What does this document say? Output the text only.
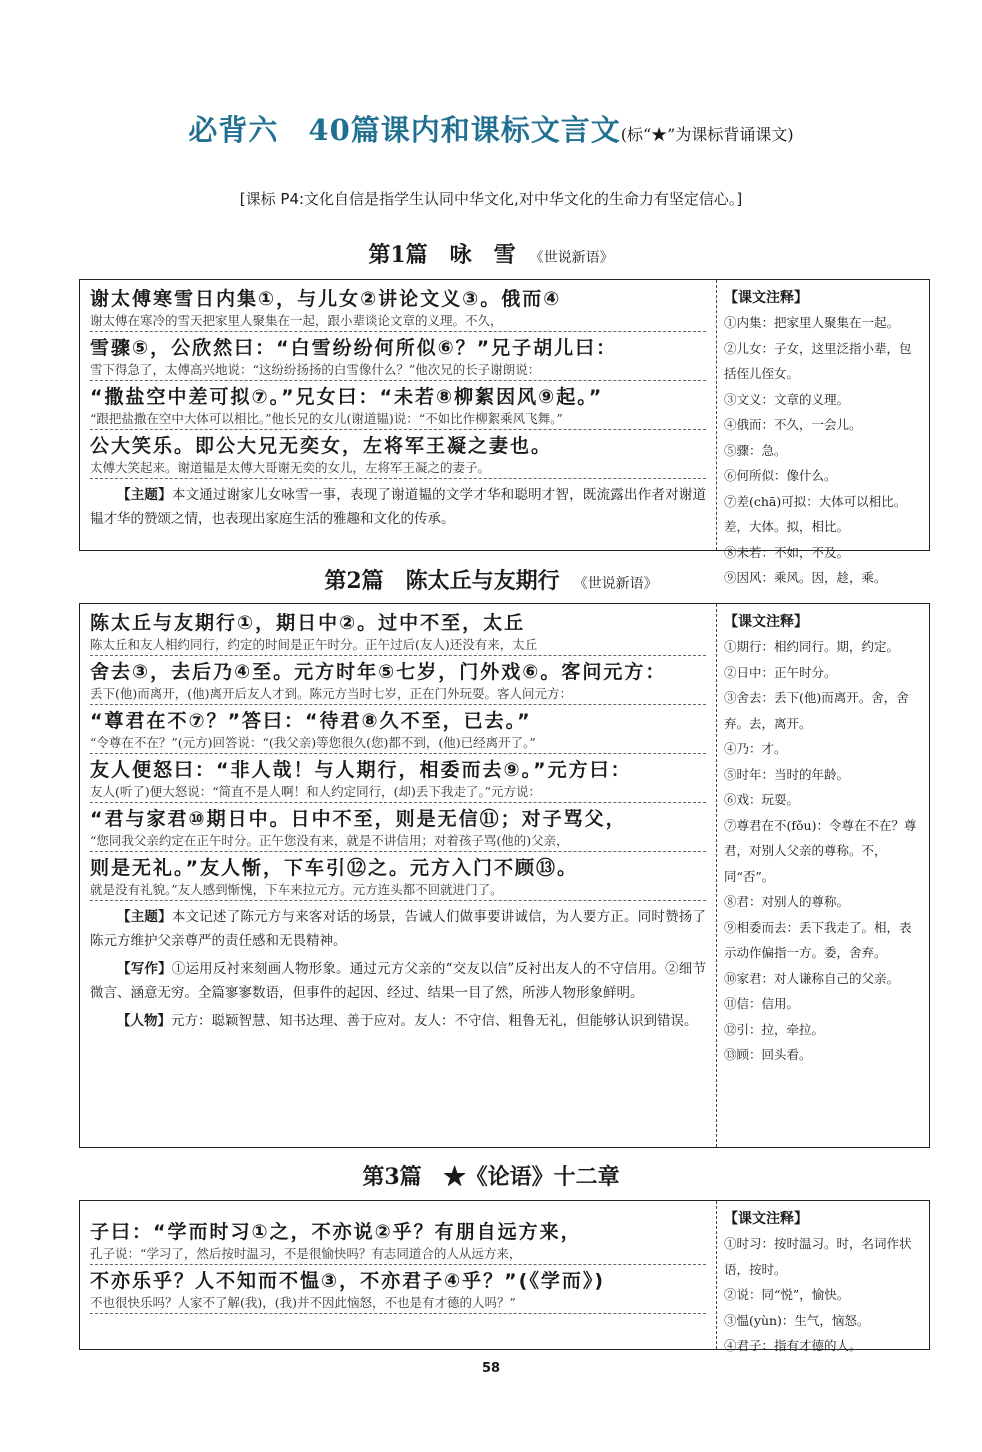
必背六　40篇课内和课标文言文(标“★”为课标背诵课文)
[课标 P4:文化自信是指学生认同中华文化,对中华文化的生命力有坚定信心。]
第1篇　咏　雪 《世说新语》
谢太傅寒雪日内集①，与儿女②讲论文义③。俄而④
谢太傅在寒冷的雪天把家里人聚集在一起，跟小辈谈论文章的义理。不久，
雪骤⑤，公欣然曰：“白雪纷纷何所似⑥？”兄子胡儿曰：
雪下得急了，太傅高兴地说：“这纷纷扬扬的白雪像什么？”他次兄的长子谢朗说：
“撒盐空中差可拟⑦。”兄女曰：“未若⑧柳絮因风⑨起。”
“跟把盐撒在空中大体可以相比。”他长兄的女儿(谢道韫)说：“不如比作柳絮乘风飞舞。”
公大笑乐。即公大兄无奕女，左将军王凝之妻也。
太傅大笑起来。谢道韫是太傅大哥谢无奕的女儿，左将军王凝之的妻子。
【主题】本文通过谢家儿女咏雪一事，表现了谢道韫的文学才华和聪明才智，既流露出作者对谢道韫才华的赞颂之情，也表现出家庭生活的雅趣和文化的传承。
【课文注释】
①内集：把家里人聚集在一起。
②儿女：子女，这里泛指小辈，包括侄儿侄女。
③文义：文章的义理。
④俄而：不久，一会儿。
⑤骤：急。
⑥何所似：像什么。
⑦差(chā)可拟：大体可以相比。差，大体。拟，相比。
⑧未若：不如，不及。
⑨因风：乘风。因，趁，乘。
第2篇　陈太丘与友期行 《世说新语》
陈太丘与友期行①，期日中②。过中不至，太丘
陈太丘和友人相约同行，约定的时间是正午时分。正午过后(友人)还没有来，太丘
舍去③，去后乃④至。元方时年⑤七岁，门外戏⑥。客问元方：
丢下(他)而离开，(他)离开后友人才到。陈元方当时七岁，正在门外玩耍。客人问元方：
“尊君在不⑦？”答曰：“待君⑧久不至，已去。”
“令尊在不在？”(元方)回答说：“(我父亲)等您很久(您)都不到，(他)已经离开了。”
友人便怒曰：“非人哉！与人期行，相委而去⑨。”元方曰：
友人(听了)便大怒说：“简直不是人啊！和人约定同行，(却)丢下我走了。”元方说：
“君与家君⑩期日中。日中不至，则是无信⑪；对子骂父，
“您同我父亲约定在正午时分。正午您没有来，就是不讲信用；对着孩子骂(他的)父亲，
则是无礼。”友人惭，下车引⑫之。元方入门不顾⑬。
就是没有礼貌。”友人感到惭愧，下车来拉元方。元方连头都不回就进门了。
【主题】本文记述了陈元方与来客对话的场景，告诫人们做事要讲诚信，为人要方正。同时赞扬了陈元方维护父亲尊严的责任感和无畏精神。
【写作】①运用反衬来刻画人物形象。通过元方父亲的“交友以信”反衬出友人的不守信用。②细节微言、涵意无穷。全篇寥寥数语，但事件的起因、经过、结果一目了然，所涉人物形象鲜明。
【人物】元方：聪颖智慧、知书达理、善于应对。友人：不守信、粗鲁无礼，但能够认识到错误。
【课文注释】
①期行：相约同行。期，约定。
②日中：正午时分。
③舍去：丢下(他)而离开。舍，舍弃。去，离开。
④乃：才。
⑤时年：当时的年龄。
⑥戏：玩耍。
⑦尊君在不(fǒu)：令尊在不在？尊君，对别人父亲的尊称。不，同“否”。
⑧君：对别人的尊称。
⑨相委而去：丢下我走了。相，表示动作偏指一方。委，舍弃。
⑩家君：对人谦称自己的父亲。
⑪信：信用。
⑫引：拉，牵拉。
⑬顾：回头看。
第3篇　★《论语》十二章
子曰：“学而时习①之，不亦说②乎？有朋自远方来，
孔子说：“学习了，然后按时温习，不是很愉快吗？有志同道合的人从远方来，
不亦乐乎？人不知而不愠③，不亦君子④乎？”(《学而》)
不也很快乐吗？人家不了解(我)，(我)并不因此恼怒，不也是有才德的人吗？”
【课文注释】
①时习：按时温习。时，名词作状语，按时。
②说：同“悦”，愉快。
③愠(yùn)：生气，恼怒。
④君子：指有才德的人。
58
